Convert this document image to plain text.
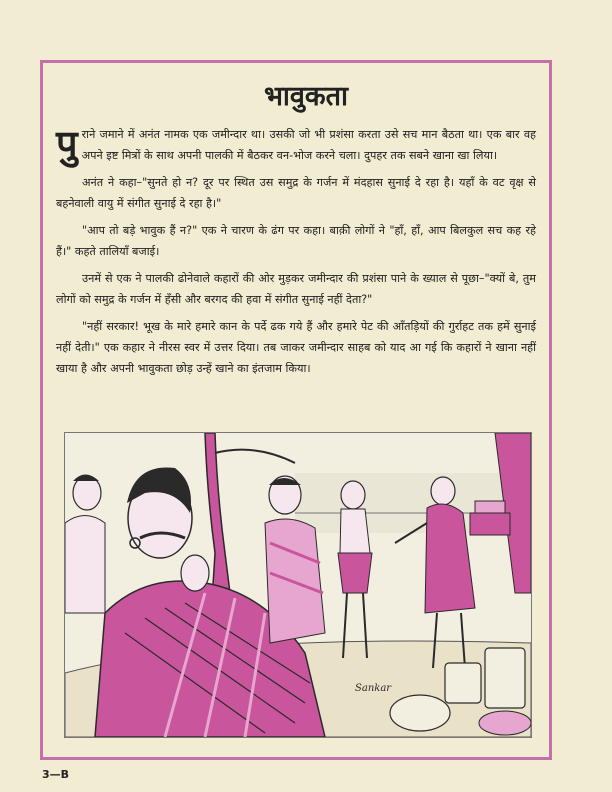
भावुकता

पुराने जमाने में अनंत नामक एक जमीन्दार था। उसकी जो भी प्रशंसा करता उसे सच मान बैठता था। एक बार वह अपने इष्ट मित्रों के साथ अपनी पालकी में बैठकर वन-भोज करने चला। दुपहर तक सबने खाना खा लिया।

अनंत ने कहा–"सुनते हो न? दूर पर स्थित उस समुद्र के गर्जन में मंदहास सुनाई दे रहा है। यहाँ के वट वृक्ष से बहनेवाली वायु में संगीत सुनाई दे रहा है।"

"आप तो बड़े भावुक हैं न?" एक ने चारण के ढंग पर कहा। बाक़ी लोगों ने "हाँ, हाँ, आप बिलकुल सच कह रहे हैं।" कहते तालियाँ बजाई।

उनमें से एक ने पालकी ढोनेवाले कहारों की ओर मुड़कर जमीन्दार की प्रशंसा पाने के ख्याल से पूछा–"क्यों बे, तुम लोगों को समुद्र के गर्जन में हँसी और बरगद की हवा में संगीत सुनाई नहीं देता?"

"नहीं सरकार! भूख के मारे हमारे कान के पर्दे ढक गये हैं और हमारे पेट की आँतड़ियों की गुर्राहट तक हमें सुनाई नहीं देती।" एक कहार ने नीरस स्वर में उत्तर दिया। तब जाकर जमीन्दार साहब को याद आ गई कि कहारों ने खाना नहीं खाया है और अपनी भावुकता छोड़ उन्हें खाने का इंतजाम किया।

Sankar
3—B
